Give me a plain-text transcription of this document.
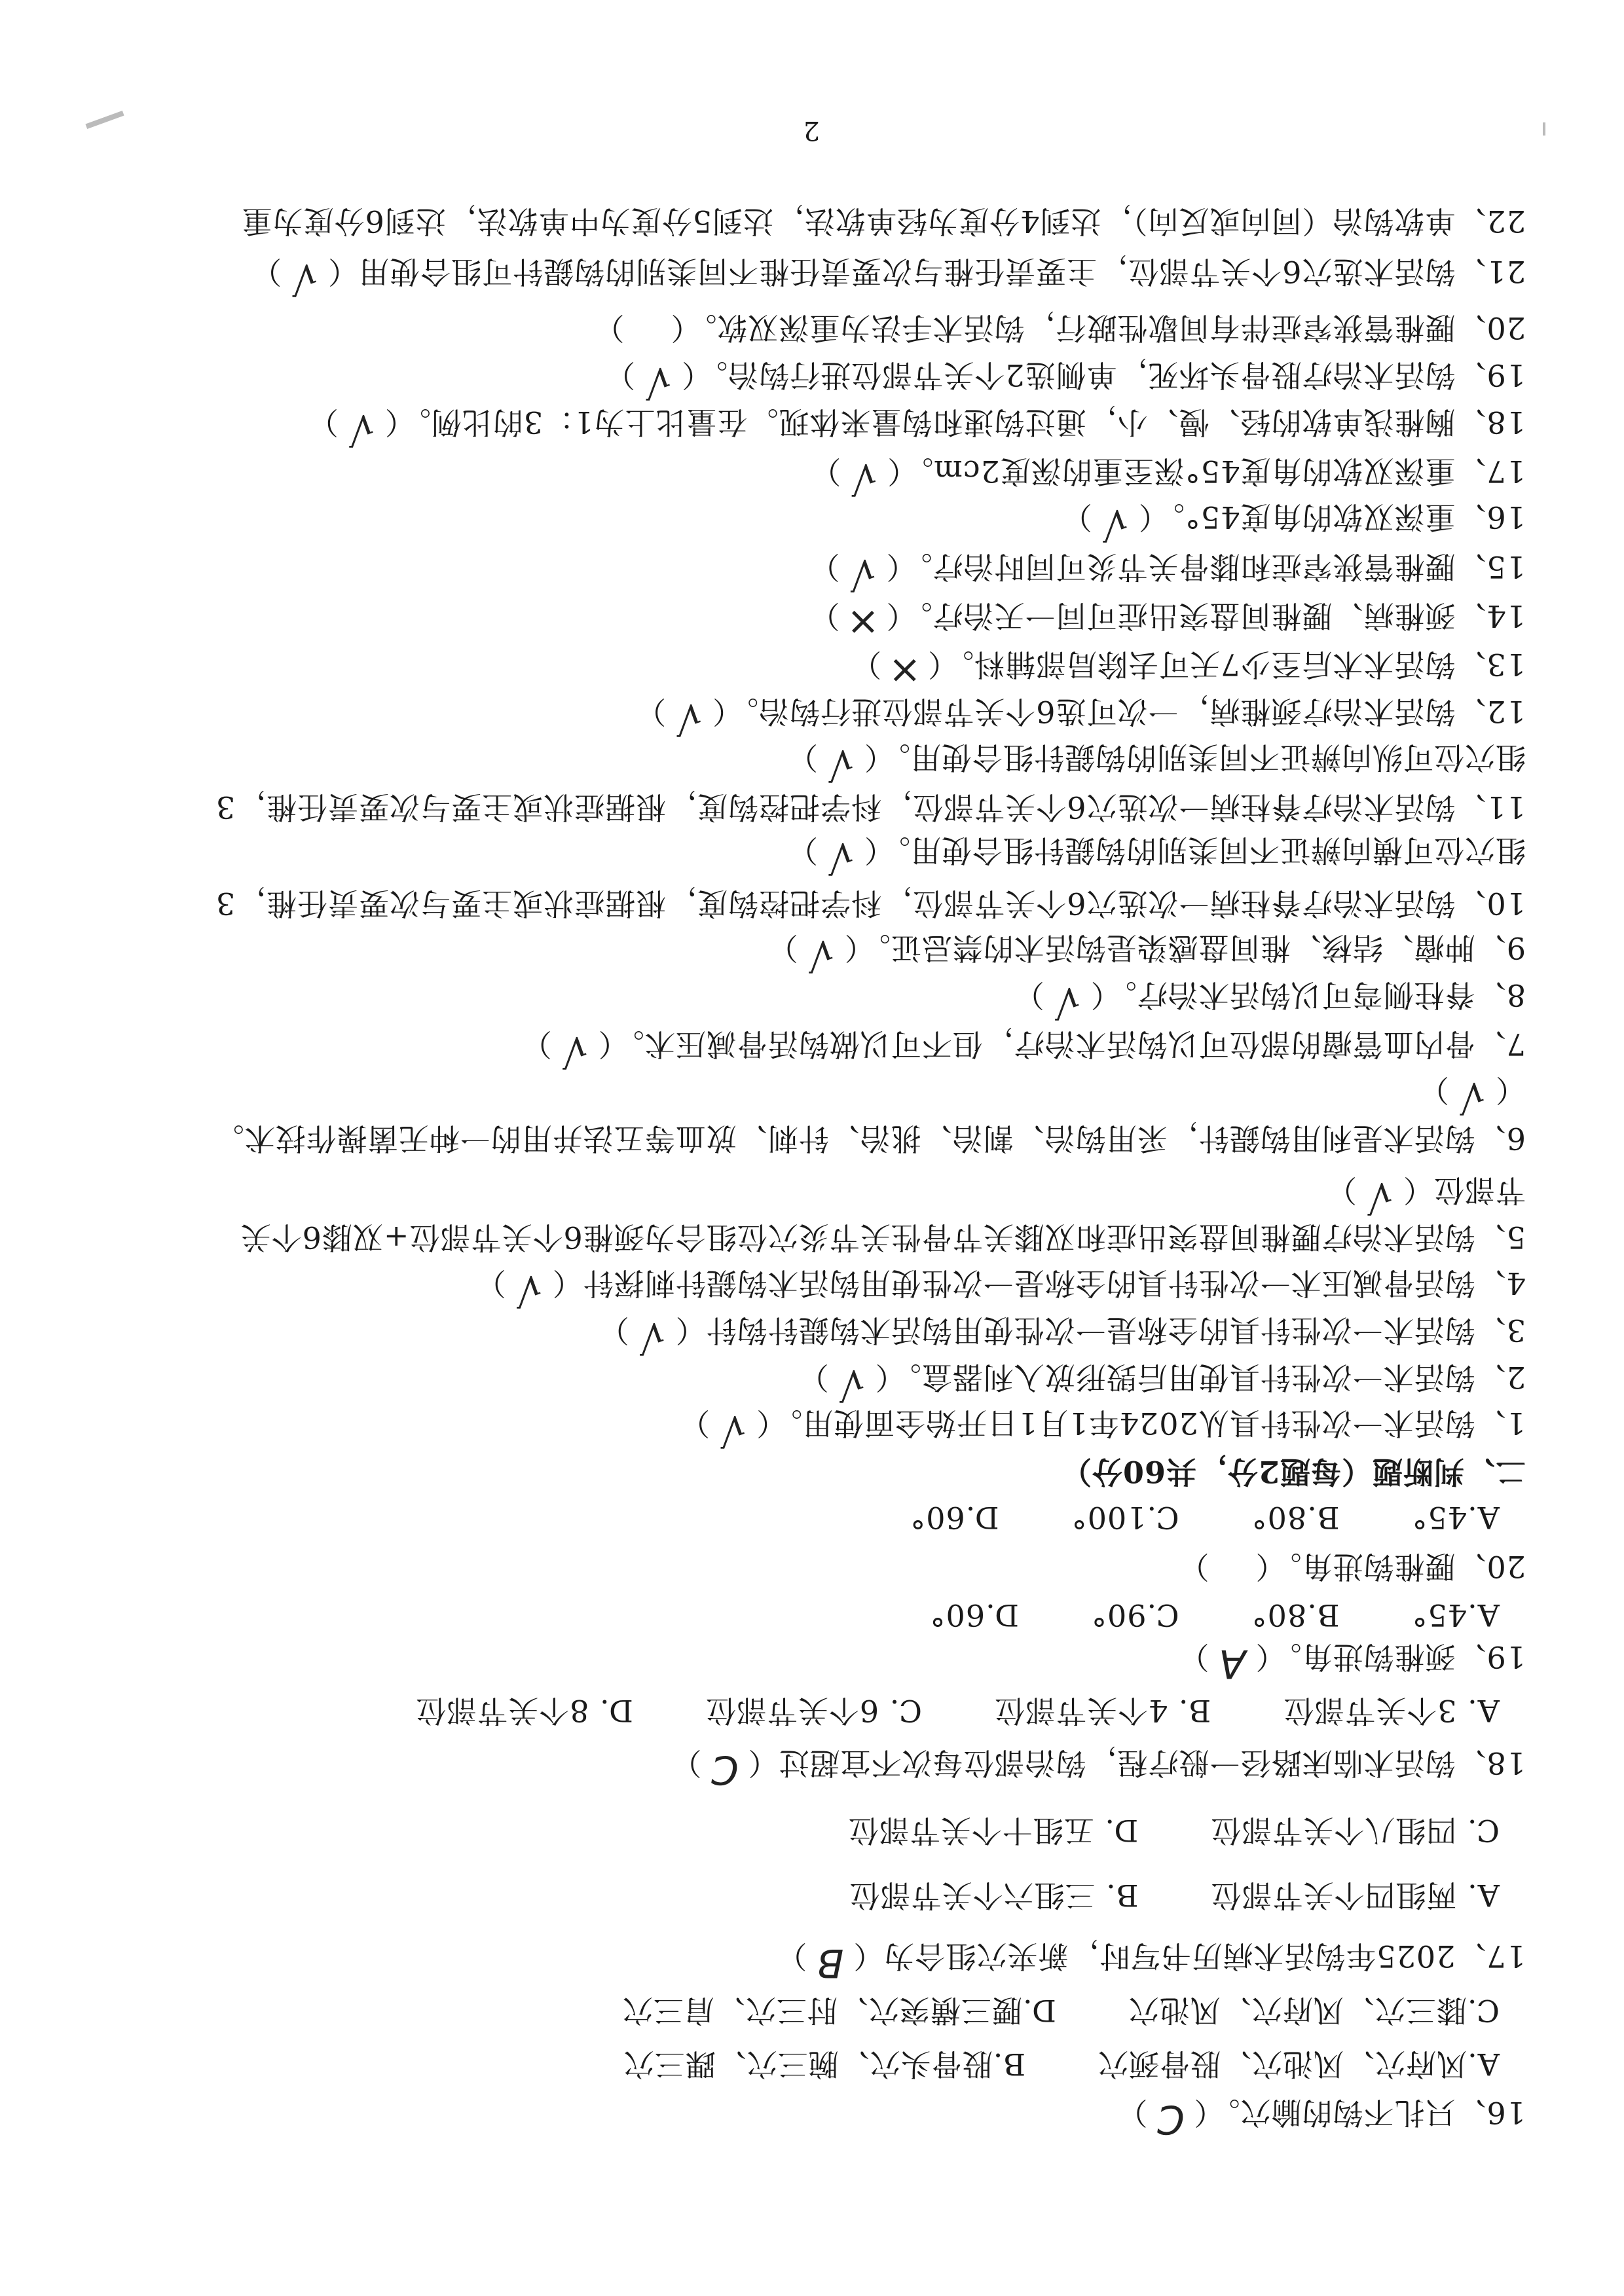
16、只扎不钩的腧穴。（C）
A.风府穴、风池穴、股骨颈穴B.股骨头穴、腕三穴、踝三穴
C.膝三穴、风府穴、风池穴D.腰三横突穴、肘三穴、肩三穴
17、2025年钩活术病历书写时，新夹穴组合为（B）
A. 两组四个关节部位B. 三组六个关节部位
C. 四组八个关节部位D. 五组十个关节部位
18、钩活术临床路径一般疗程，钩治部位每次不宜超过（C）
A. 3个关节部位B. 4个关节部位C. 6个关节部位D. 8个关节部位
19、颈椎钩进角。（A）
A.45°B.80°C.90°D.60°
20、腰椎钩进角。（）
A.45°B.80°C.100°D.60°
二、判断题（每题2分，共60分）
1、钩活术一次性针具从2024年1月1日开始全面使用。（√）
2、钩活术一次性针具使用后毁形放入利器盒。（√）
3、钩活术一次性针具的全称是一次性使用钩活术钩鍉针钩针（√）
4、钩活骨减压术一次性针具的全称是一次性使用钩活术钩鍉针刺探针（√）
5、钩活术治疗腰椎间盘突出症和双膝关节骨性关节炎穴位组合为颈椎6个关节部位+双膝6个关
节部位（√）
6、钩活术是利用钩鍉针，采用钩治、割治、挑治、针刺、放血等五法并用的一种无菌操作技术。
（√）
7、骨内血管瘤的部位可以钩活术治疗，但不可以做钩活骨减压术。（√）
8、脊柱侧弯可以钩活术治疗。（√）
9、肿瘤、结核、椎间盘感染是钩活术的禁忌证。（√）
10、钩活术治疗脊柱病一次选穴6个关节部位，科学把控钩度，根据症状或主要与次要责任椎，3
组穴位可横向辨证不同类别的钩鍉针组合使用。（√）
11、钩活术治疗脊柱病一次选穴6个关节部位，科学把控钩度，根据症状或主要与次要责任椎，3
组穴位可纵向辨证不同类别的钩鍉针组合使用。（√）
12、钩活术治疗颈椎病，一次可选6个关节部位进行钩治。（√）
13、钩活术术后至少7天可去除局部辅料。（×）
14、颈椎病、腰椎间盘突出症可同一天治疗。（×）
15、腰椎管狭窄症和膝骨关节炎可同时治疗。（√）
16、重深双软的角度45°。（√）
17、重深双软的角度45°深至重的深度2cm。（√）
18、胸椎浅单软的轻、慢、小，通过钩速和钩量来体现。在量比上为1：3的比例。（√）
19、钩活术治疗股骨头坏死，单侧选2个关节部位进行钩治。（√）
20、腰椎管狭窄症伴有间歇性跛行，钩活术手法为重深双软。（）
21、钩活术选穴6个关节部位，主要责任椎与次要责任椎不同类别的钩鍉针可组合使用（√）
22、单软钩治（同向或反向），达到4分度为轻单软法，达到5分度为中单软法，达到6分度为重
2
